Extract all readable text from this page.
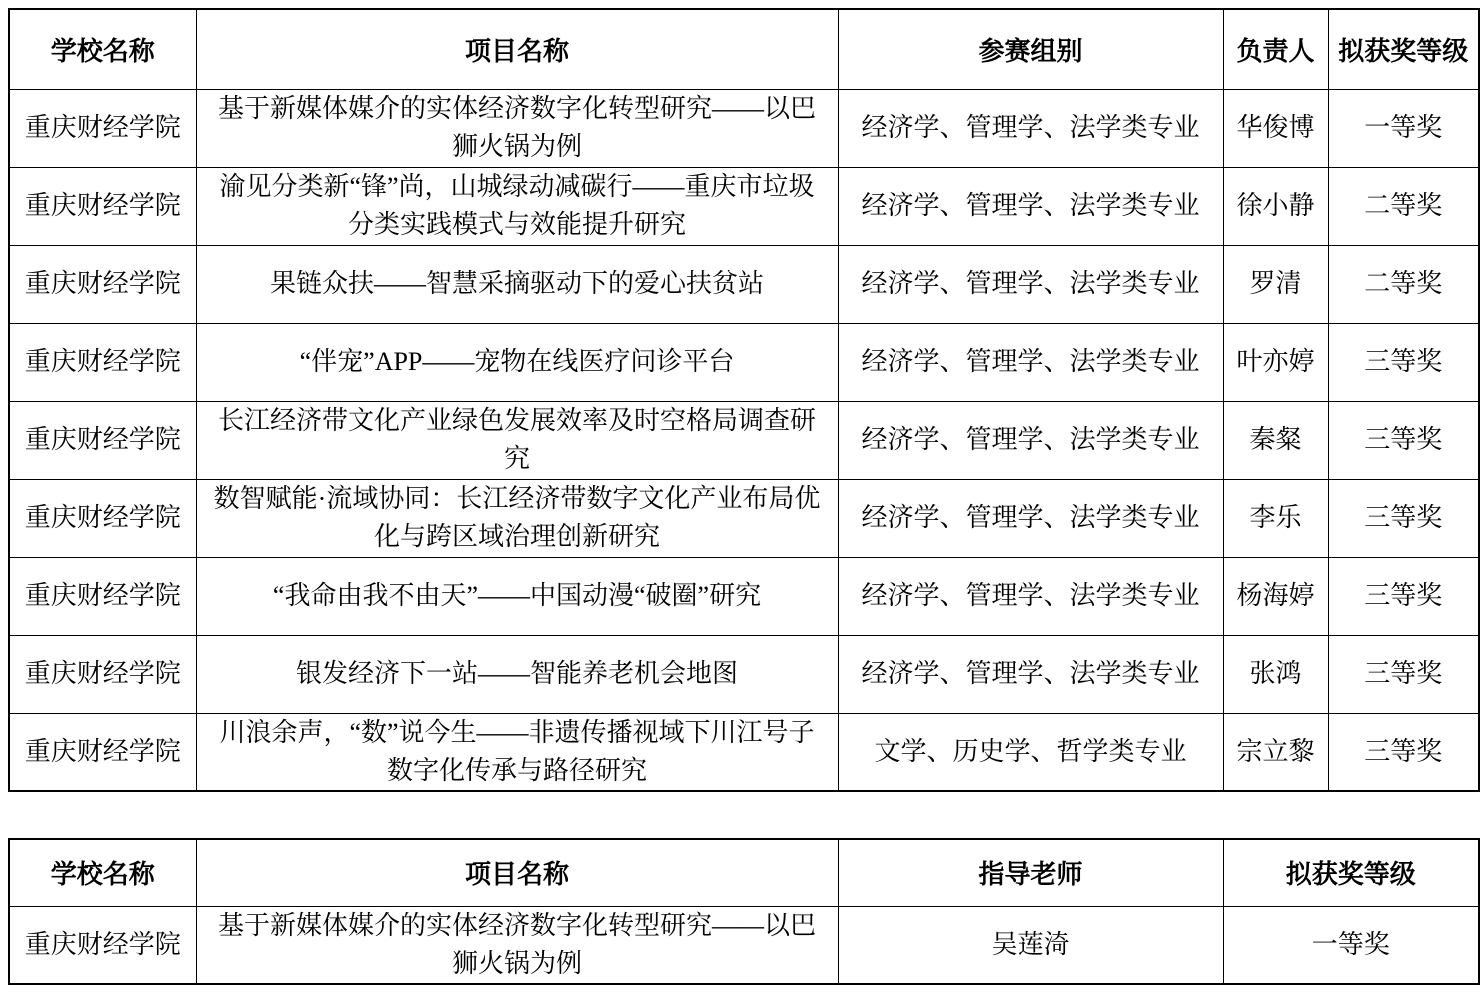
学校名称	项目名称	参赛组别	负责人	拟获奖等级
重庆财经学院	基于新媒体媒介的实体经济数字化转型研究——以巴狮火锅为例	经济学、管理学、法学类专业	华俊博	一等奖
重庆财经学院	渝见分类新“锋”尚，山城绿动减碳行——重庆市垃圾分类实践模式与效能提升研究	经济学、管理学、法学类专业	徐小静	二等奖
重庆财经学院	果链众扶——智慧采摘驱动下的爱心扶贫站	经济学、管理学、法学类专业	罗清	二等奖
重庆财经学院	“伴宠”APP——宠物在线医疗问诊平台	经济学、管理学、法学类专业	叶亦婷	三等奖
重庆财经学院	长江经济带文化产业绿色发展效率及时空格局调查研究	经济学、管理学、法学类专业	秦粲	三等奖
重庆财经学院	数智赋能·流域协同：长江经济带数字文化产业布局优化与跨区域治理创新研究	经济学、管理学、法学类专业	李乐	三等奖
重庆财经学院	“我命由我不由天”——中国动漫“破圈”研究	经济学、管理学、法学类专业	杨海婷	三等奖
重庆财经学院	银发经济下一站——智能养老机会地图	经济学、管理学、法学类专业	张鸿	三等奖
重庆财经学院	川浪余声，“数”说今生——非遗传播视域下川江号子数字化传承与路径研究	文学、历史学、哲学类专业	宗立黎	三等奖
学校名称	项目名称	指导老师	拟获奖等级
重庆财经学院	基于新媒体媒介的实体经济数字化转型研究——以巴狮火锅为例	吴莲渏	一等奖
